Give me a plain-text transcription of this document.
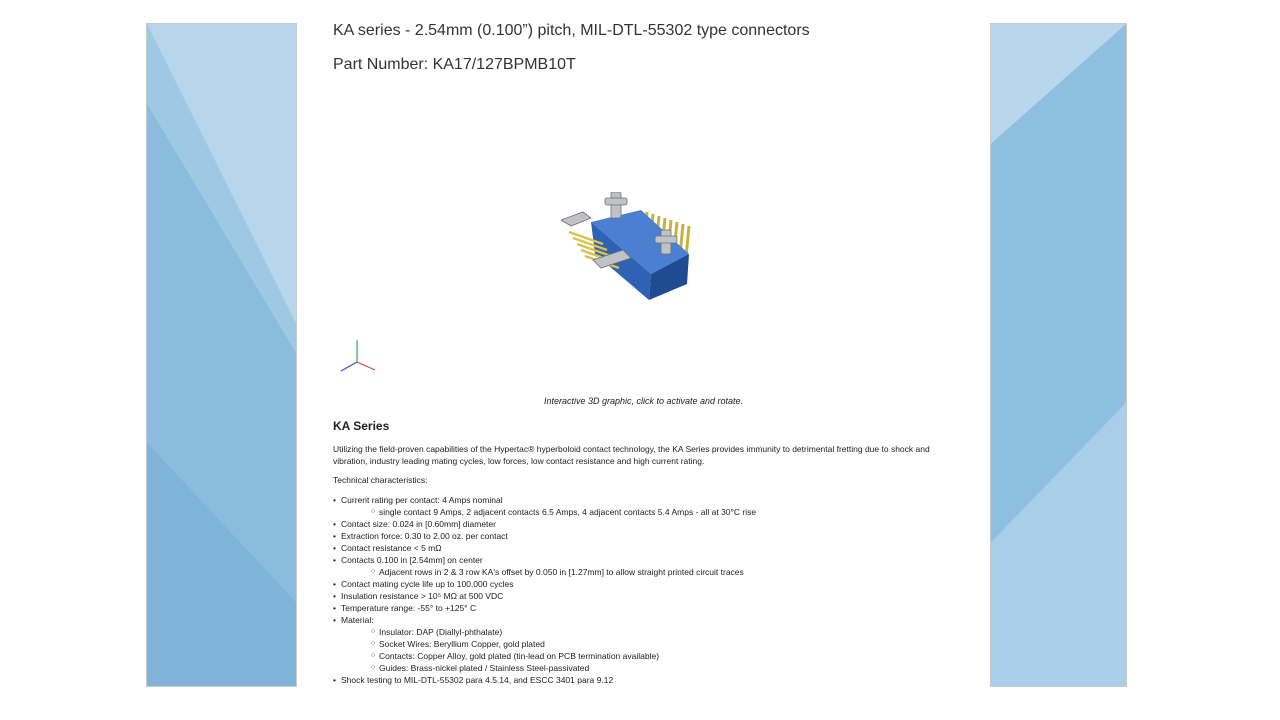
KA series - 2.54mm (0.100”) pitch, MIL-DTL-55302 type connectors
Part Number: KA17/127BPMB10T
Interactive 3D graphic, click to activate and rotate.
KA Series
Utilizing the field-proven capabilities of the Hypertac® hyperboloid contact technology, the KA Series provides immunity to detrimental fretting due to shock and vibration, industry leading mating cycles, low forces, low contact resistance and high current rating.
Technical characteristics:
• Current rating per contact: 4 Amps nominal
○ single contact 9 Amps, 2 adjacent contacts 6.5 Amps, 4 adjacent contacts 5.4 Amps - all at 30°C rise
• Contact size: 0.024 in [0.60mm] diameter
• Extraction force: 0.30 to 2.00 oz. per contact
• Contact resistance < 5 mΩ
• Contacts 0.100 in [2.54mm] on center
○ Adjacent rows in 2 & 3 row KA's offset by 0.050 in [1.27mm] to allow straight printed circuit traces
• Contact mating cycle life up to 100,000 cycles
• Insulation resistance > 10⁵ MΩ at 500 VDC
• Temperature range: -55° to +125° C
• Material:
○ Insulator: DAP (Diallyl-phthalate)
○ Socket Wires: Beryllium Copper, gold plated
○ Contacts: Copper Alloy, gold plated (tin-lead on PCB termination available)
○ Guides: Brass-nickel plated / Stainless Steel-passivated
• Shock testing to MIL-DTL-55302 para 4.5.14, and ESCC 3401 para 9.12
